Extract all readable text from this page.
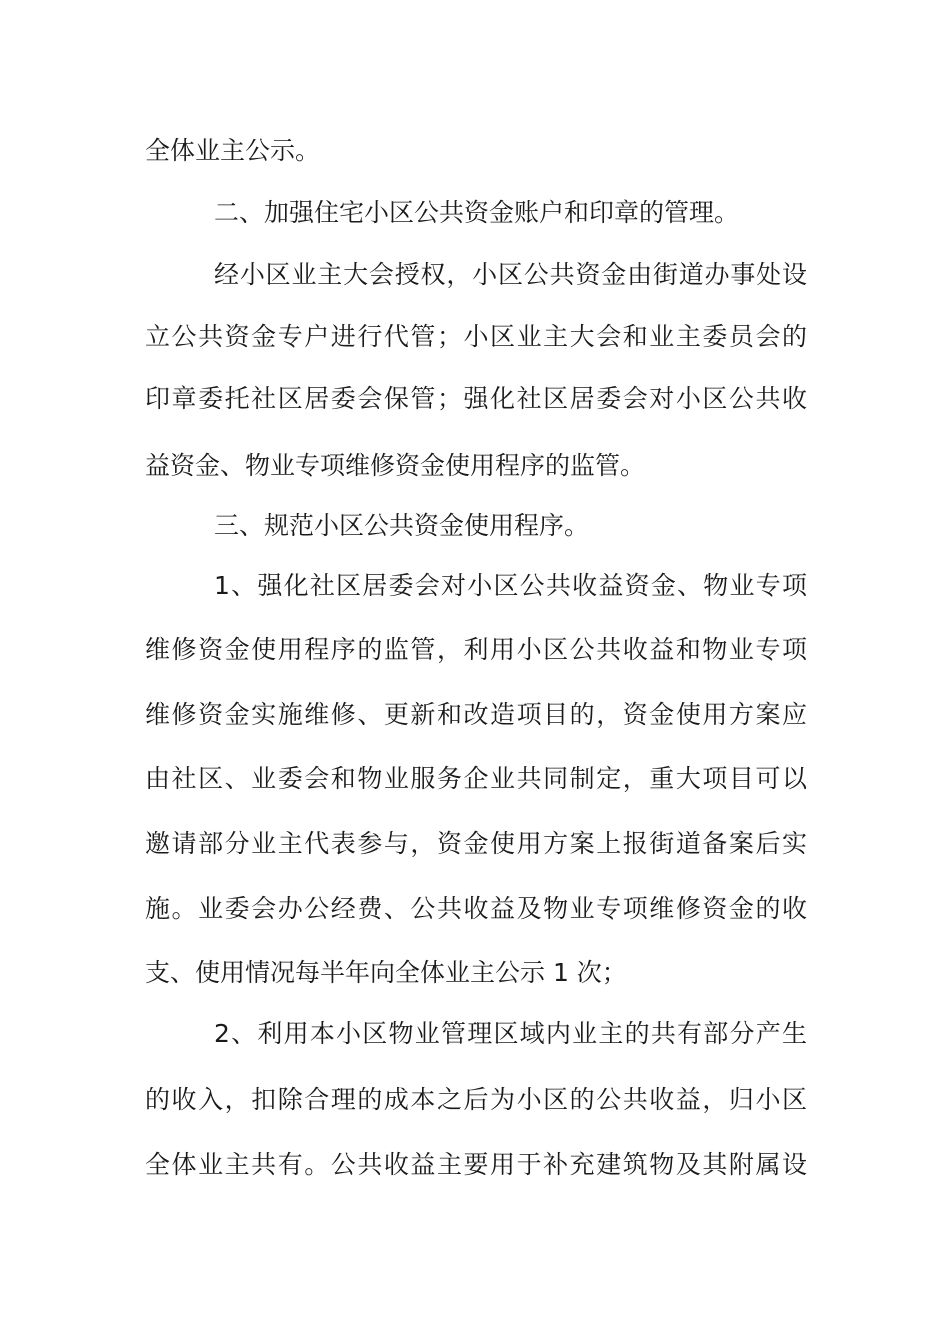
全体业主公示。
二、加强住宅小区公共资金账户和印章的管理。
经小区业主大会授权，小区公共资金由街道办事处设
立公共资金专户进行代管；小区业主大会和业主委员会的
印章委托社区居委会保管；强化社区居委会对小区公共收
益资金、物业专项维修资金使用程序的监管。
三、规范小区公共资金使用程序。
1、强化社区居委会对小区公共收益资金、物业专项
维修资金使用程序的监管，利用小区公共收益和物业专项
维修资金实施维修、更新和改造项目的，资金使用方案应
由社区、业委会和物业服务企业共同制定，重大项目可以
邀请部分业主代表参与，资金使用方案上报街道备案后实
施。业委会办公经费、公共收益及物业专项维修资金的收
支、使用情况每半年向全体业主公示 1 次；
2、利用本小区物业管理区域内业主的共有部分产生
的收入，扣除合理的成本之后为小区的公共收益，归小区
全体业主共有。公共收益主要用于补充建筑物及其附属设
